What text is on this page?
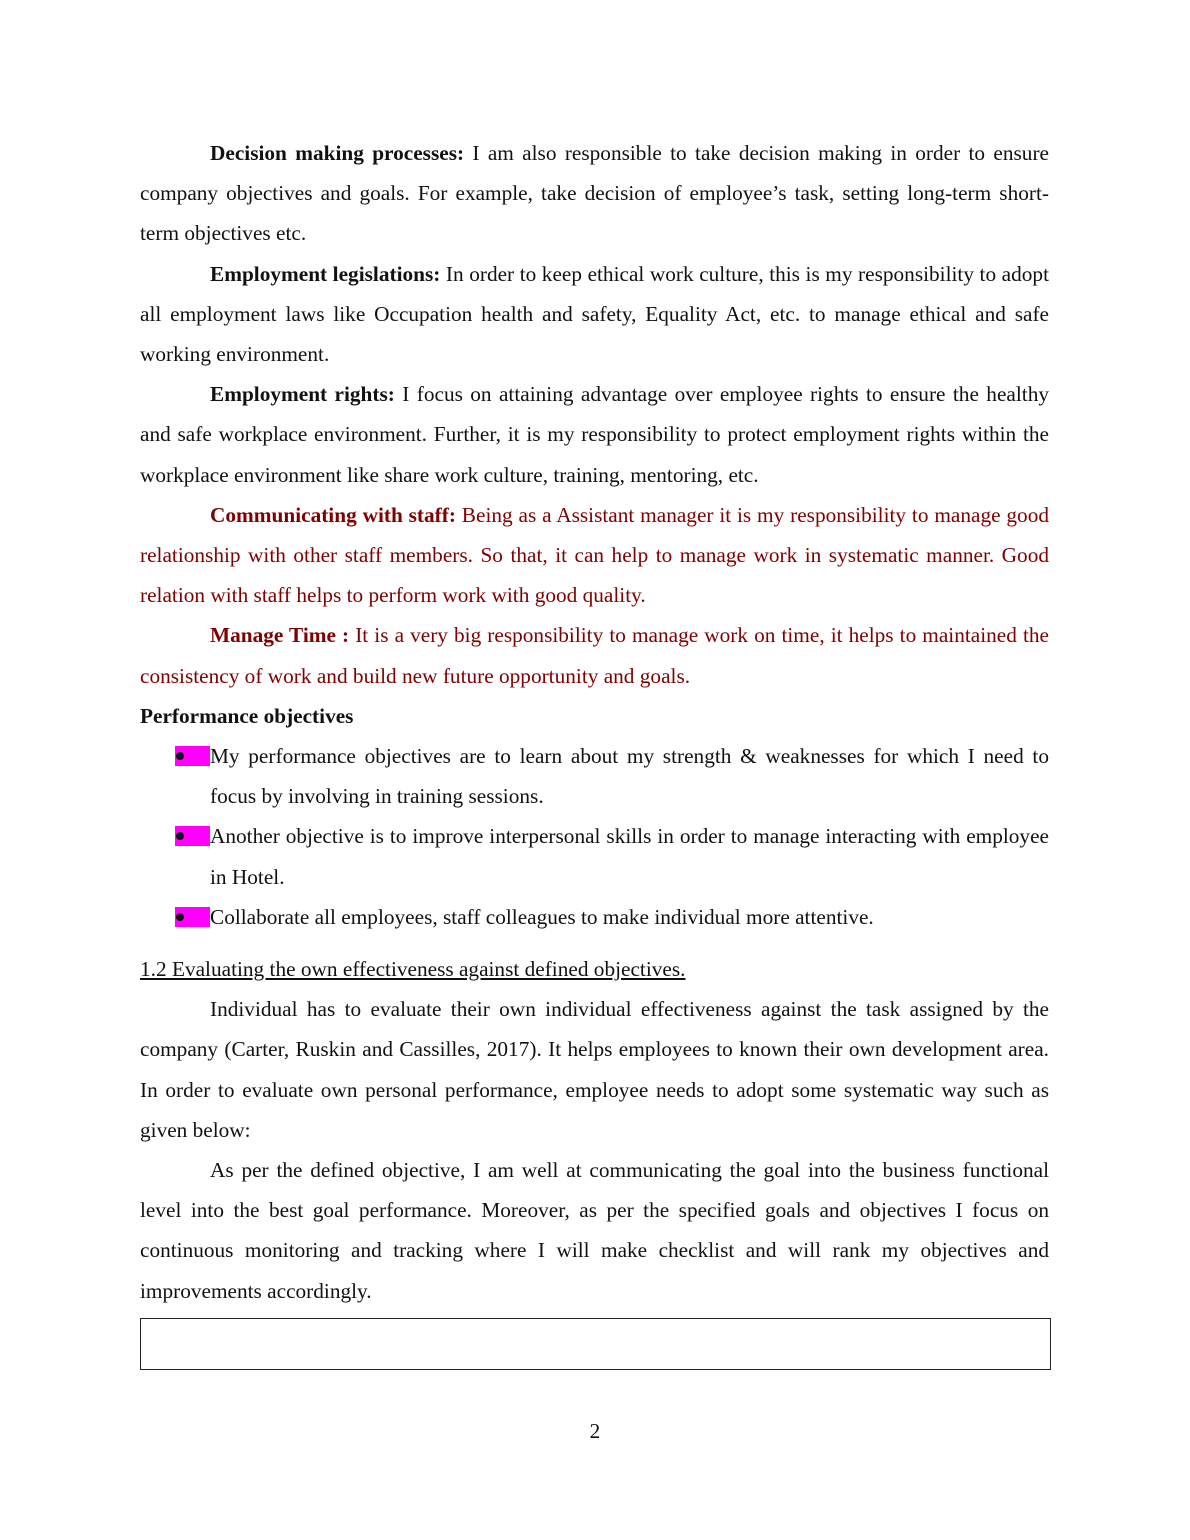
Decision making processes: I am also responsible to take decision making in order to ensure company objectives and goals. For example, take decision of employee’s task, setting long-term short-term objectives etc.

Employment legislations: In order to keep ethical work culture, this is my responsibility to adopt all employment laws like Occupation health and safety, Equality Act, etc. to manage ethical and safe working environment.

Employment rights: I focus on attaining advantage over employee rights to ensure the healthy and safe workplace environment. Further, it is my responsibility to protect employment rights within the workplace environment like share work culture, training, mentoring, etc.

Communicating with staff: Being as a Assistant manager it is my responsibility to manage good relationship with other staff members. So that, it can help to manage work in systematic manner. Good relation with staff helps to perform work with good quality.

Manage Time : It is a very big responsibility to manage work on time, it helps to maintained the consistency of work and build new future opportunity and goals.

Performance objectives
My performance objectives are to learn about my strength & weaknesses for which I need to focus by involving in training sessions.
Another objective is to improve interpersonal skills in order to manage interacting with employee in Hotel.
Collaborate all employees, staff colleagues to make individual more attentive.
1.2 Evaluating the own effectiveness against defined objectives.

Individual has to evaluate their own individual effectiveness against the task assigned by the company (Carter, Ruskin and Cassilles, 2017). It helps employees to known their own development area. In order to evaluate own personal performance, employee needs to adopt some systematic way such as given below:

As per the defined objective, I am well at communicating the goal into the business functional level into the best goal performance. Moreover, as per the specified goals and objectives I focus on continuous monitoring and tracking where I will make checklist and will rank my objectives and improvements accordingly.

2
